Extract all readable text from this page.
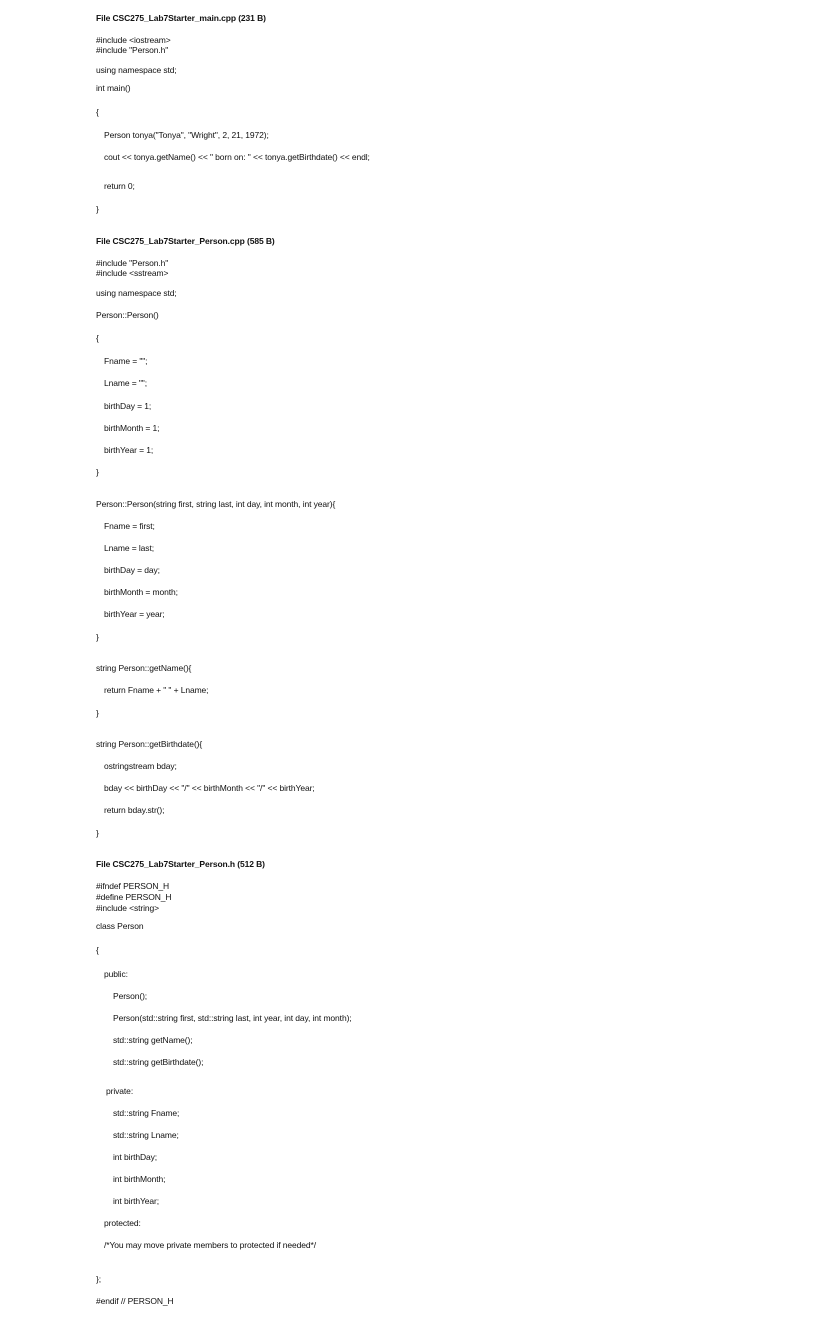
File CSC275_Lab7Starter_main.cpp (231 B)
#include <iostream>
#include "Person.h"
using namespace std;
int main()
{
Person tonya("Tonya", "Wright", 2, 21, 1972);
cout << tonya.getName() << " born on: " << tonya.getBirthdate() << endl;
return 0;
}
File CSC275_Lab7Starter_Person.cpp (585 B)
#include "Person.h"
#include <sstream>
using namespace std;
Person::Person()
{
Fname = "";
Lname = "";
birthDay = 1;
birthMonth = 1;
birthYear = 1;
}
Person::Person(string first, string last, int day, int month, int year){
Fname = first;
Lname = last;
birthDay = day;
birthMonth = month;
birthYear = year;
}
string Person::getName(){
return Fname + " " + Lname;
}
string Person::getBirthdate(){
ostringstream bday;
bday << birthDay << "/" << birthMonth << "/" << birthYear;
return bday.str();
}
File CSC275_Lab7Starter_Person.h (512 B)
#ifndef PERSON_H
#define PERSON_H
#include <string>
class Person
{
public:
Person();
Person(std::string first, std::string last, int year, int day, int month);
std::string getName();
std::string getBirthdate();
private:
std::string Fname;
std::string Lname;
int birthDay;
int birthMonth;
int birthYear;
protected:
/*You may move private members to protected if needed*/
};
#endif // PERSON_H
